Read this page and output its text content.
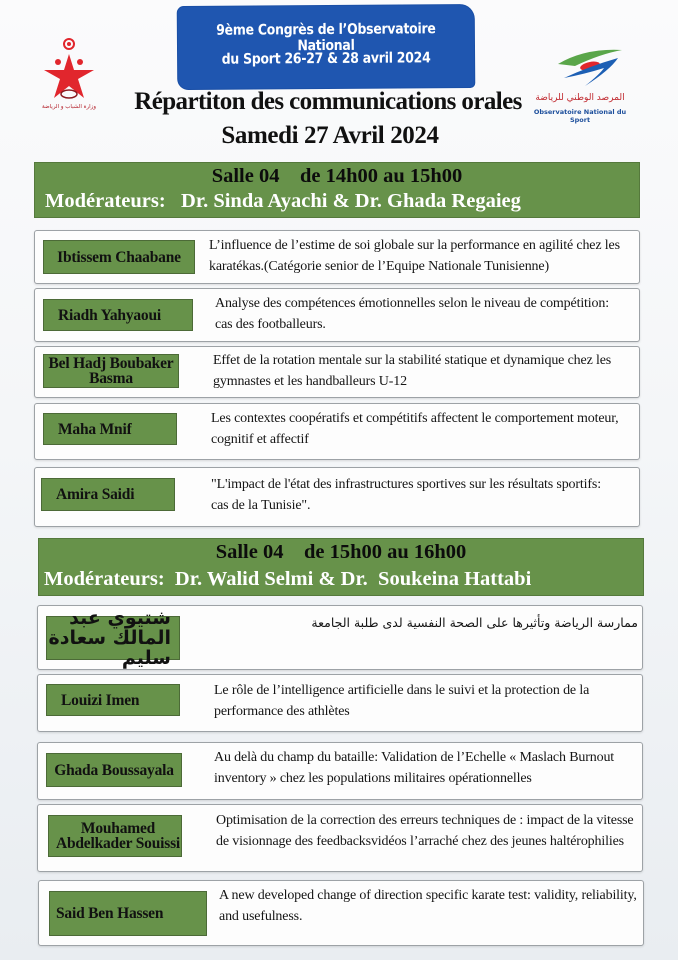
وزارة الشباب و الرياضة
المرصد الوطني للرياضة
Observatoire National du Sport
9ème Congrès de l’Observatoire National
du Sport 26-27 & 28 avril 2024
Répartiton des communications orales
Samedi 27 Avril 2024
Salle 04    de 14h00 au 15h00
Modérateurs:   Dr. Sinda Ayachi & Dr. Ghada Regaieg
Ibtissem Chaabane
L’influence de l’estime de soi globale sur la performance en agilité chez les karatékas.(Catégorie senior de l’Equipe Nationale Tunisienne)
Riadh Yahyaoui
Analyse des compétences émotionnelles selon le niveau de compétition: cas des footballeurs.
Bel Hadj Boubaker Basma
Effet de la rotation mentale sur la stabilité statique et dynamique chez les gymnastes et les handballeurs U-12
Maha Mnif
Les contextes coopératifs et compétitifs affectent le comportement moteur, cognitif et affectif
Amira Saidi
"L'impact de l'état des infrastructures sportives sur les résultats sportifs: cas de la Tunisie".
Salle 04    de 15h00 au 16h00
Modérateurs:  Dr. Walid Selmi & Dr.  Soukeina Hattabi
شتيوي عبد المالك سعادة سليم
ممارسة الرياضة وتأثيرها على الصحة النفسية لدى طلبة الجامعة
Louizi Imen
Le rôle de l’intelligence artificielle dans le suivi et la protection de la performance des athlètes
Ghada Boussayala
Au delà du champ du bataille: Validation de l’Echelle « Maslach Burnout inventory » chez les populations militaires opérationnelles
Mouhamed Abdelkader Souissi
Optimisation de la correction des erreurs techniques de : impact de la vitesse de visionnage des feedbacksvidéos l’arraché chez des jeunes haltérophilies
Said Ben Hassen
A new developed change of direction specific karate test: validity, reliability, and usefulness.
